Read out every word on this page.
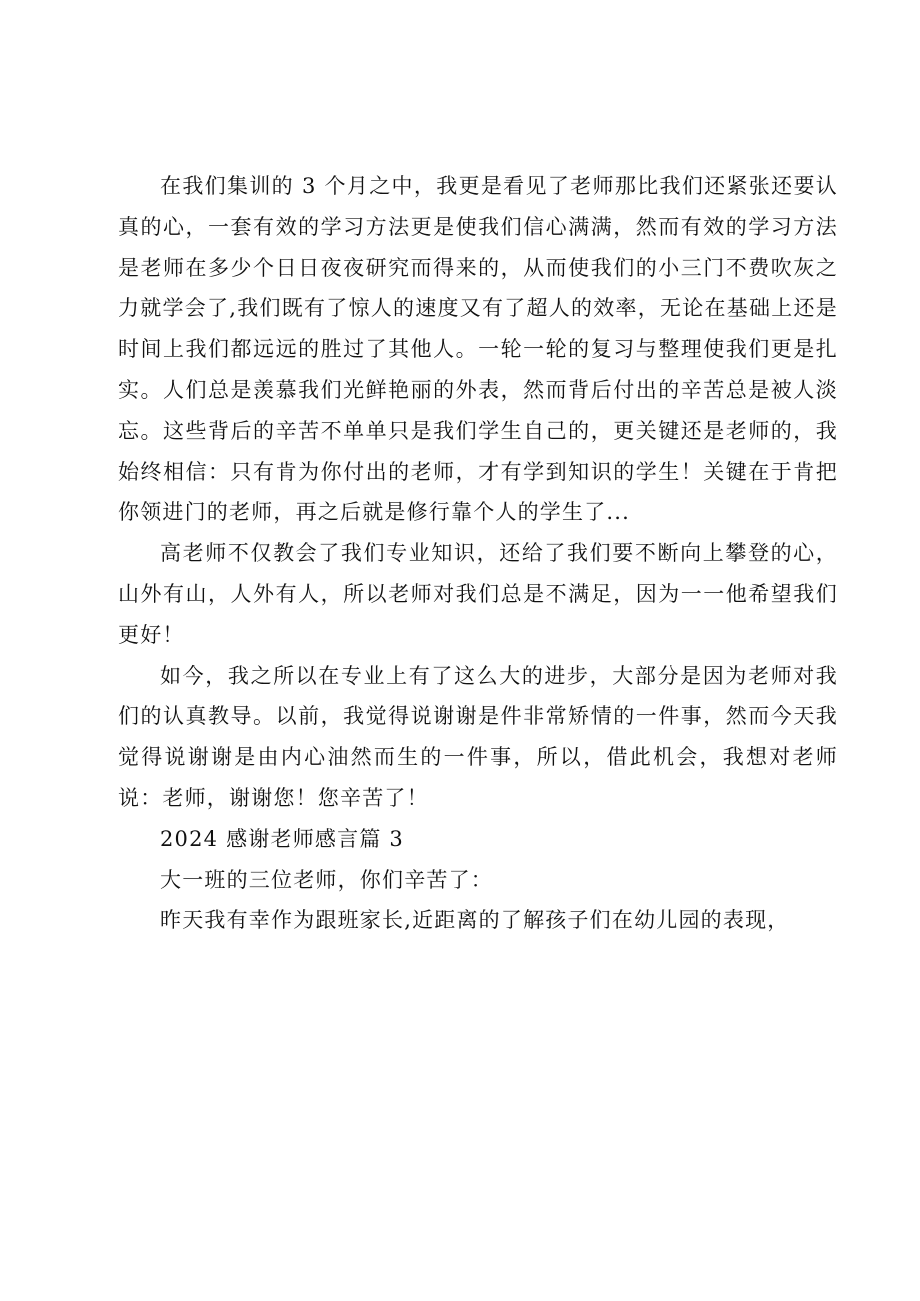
在我们集训的 3 个月之中，我更是看见了老师那比我们还紧张还要认真的心，一套有效的学习方法更是使我们信心满满，然而有效的学习方法是老师在多少个日日夜夜研究而得来的，从而使我们的小三门不费吹灰之力就学会了,我们既有了惊人的速度又有了超人的效率，无论在基础上还是时间上我们都远远的胜过了其他人。一轮一轮的复习与整理使我们更是扎实。人们总是羡慕我们光鲜艳丽的外表，然而背后付出的辛苦总是被人淡忘。这些背后的辛苦不单单只是我们学生自己的，更关键还是老师的，我始终相信：只有肯为你付出的老师，才有学到知识的学生！关键在于肯把你领进门的老师，再之后就是修行靠个人的学生了...

高老师不仅教会了我们专业知识，还给了我们要不断向上攀登的心，山外有山，人外有人，所以老师对我们总是不满足，因为一一他希望我们更好！

如今，我之所以在专业上有了这么大的进步，大部分是因为老师对我们的认真教导。以前，我觉得说谢谢是件非常矫情的一件事，然而今天我觉得说谢谢是由内心油然而生的一件事，所以，借此机会，我想对老师说：老师，谢谢您！您辛苦了！

2024 感谢老师感言篇 3

大一班的三位老师，你们辛苦了：

昨天我有幸作为跟班家长,近距离的了解孩子们在幼儿园的表现，
